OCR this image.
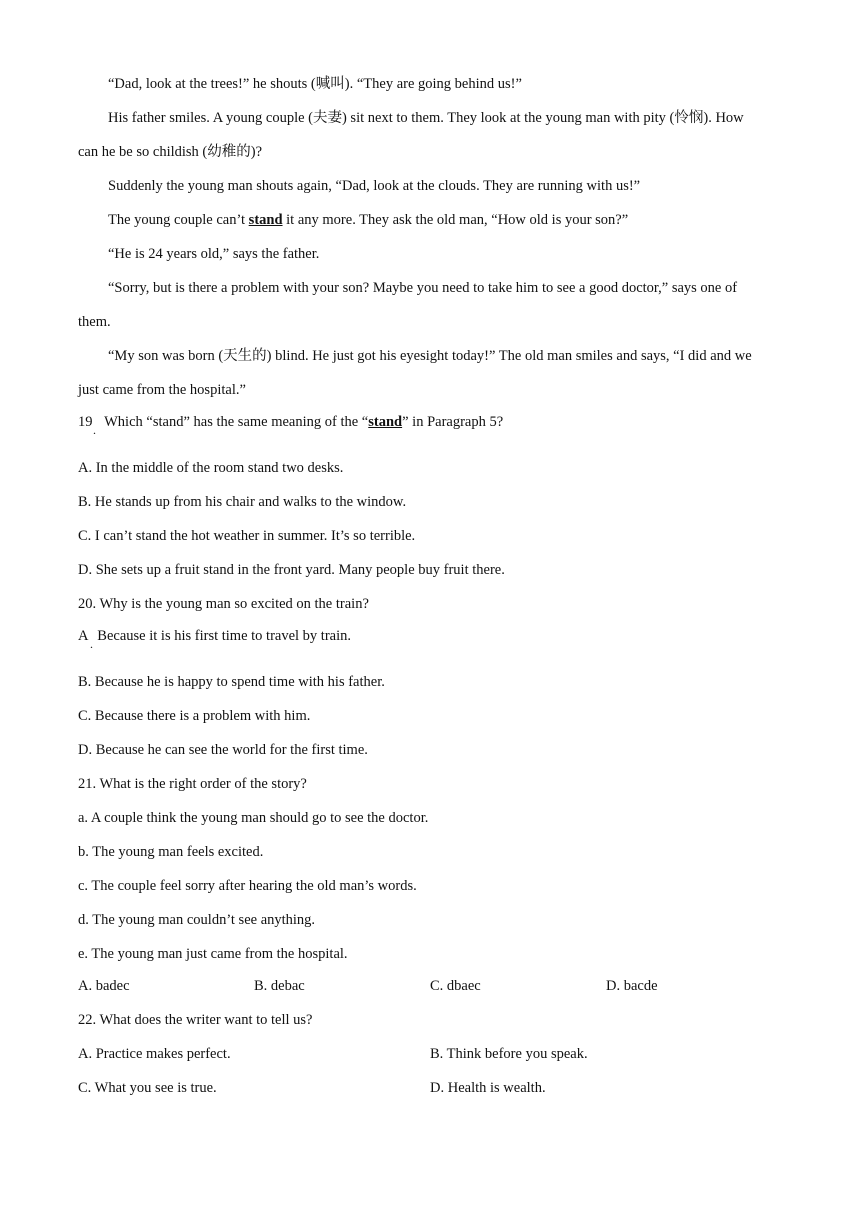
“Dad, look at the trees!” he shouts (喊叫). “They are going behind us!”
His father smiles. A young couple (夫妻) sit next to them. They look at the young man with pity (怜悯). How
can he be so childish (幼稚的)?
Suddenly the young man shouts again, “Dad, look at the clouds. They are running with us!”
The young couple can’t stand it any more. They ask the old man, “How old is your son?”
“He is 24 years old,” says the father.
“Sorry, but is there a problem with your son? Maybe you need to take him to see a good doctor,” says one of
them.
“My son was born (天生的) blind. He just got his eyesight today!” The old man smiles and says, “I did and we
just came from the hospital.”
19 . Which “stand” has the same meaning of the “stand” in Paragraph 5?
A. In the middle of the room stand two desks.
B. He stands up from his chair and walks to the window.
C. I can’t stand the hot weather in summer. It’s so terrible.
D. She sets up a fruit stand in the front yard. Many people buy fruit there.
20. Why is the young man so excited on the train?
A . Because it is his first time to travel by train.
B. Because he is happy to spend time with his father.
C. Because there is a problem with him.
D. Because he can see the world for the first time.
21. What is the right order of the story?
a. A couple think the young man should go to see the doctor.
b. The young man feels excited.
c. The couple feel sorry after hearing the old man’s words.
d. The young man couldn’t see anything.
e. The young man just came from the hospital.
A. badec	B. debac	C. dbaec	D. bacde
22. What does the writer want to tell us?
A. Practice makes perfect.	B. Think before you speak.
C. What you see is true.	D. Health is wealth.
